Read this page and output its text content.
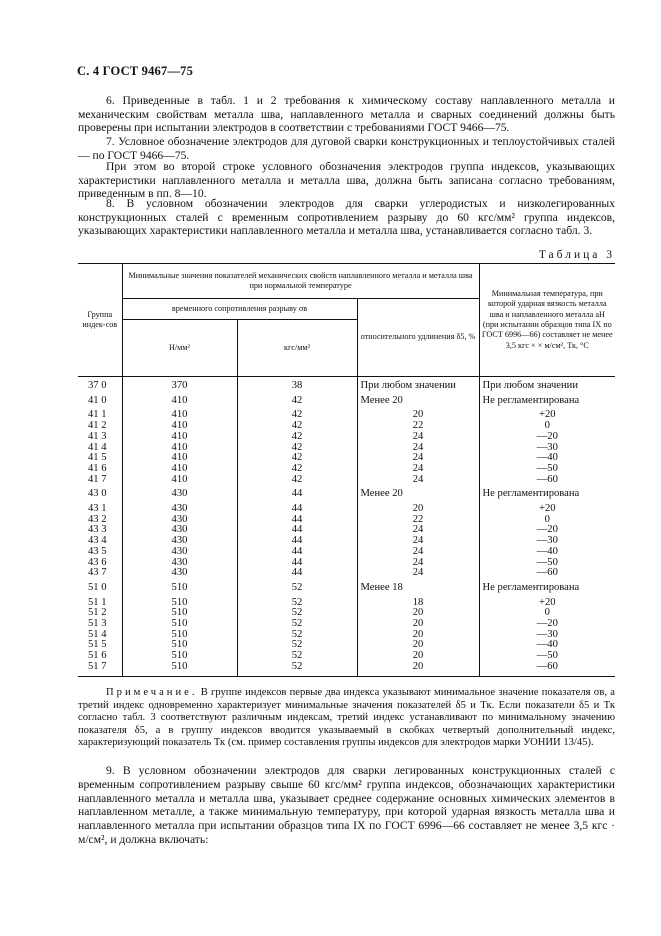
С. 4 ГОСТ 9467—75
6. Приведенные в табл. 1 и 2 требования к химическому составу наплавленного металла и механическим свойствам металла шва, наплавленного металла и сварных соединений должны быть проверены при испытании электродов в соответствии с требованиями ГОСТ 9466—75.
7. Условное обозначение электродов для дуговой сварки конструкционных и теплоустойчивых сталей — по ГОСТ 9466—75.
При этом во второй строке условного обозначения электродов группа индексов, указывающих характеристики наплавленного металла и металла шва, должна быть записана согласно требованиям, приведенным в пп. 8—10.
8. В условном обозначении электродов для сварки углеродистых и низколегированных конструкционных сталей с временным сопротивлением разрыву до 60 кгс/мм² группа индексов, указывающих характеристики наплавленного металла и металла шва, устанавливается согласно табл. 3.
Таблица 3
Группа индек-сов	Минимальные значения показателей механических свойств наплавленного металла и металла шва при нормальной температуре			Минимальная температура, при которой ударная вязкость металла шва и наплавленного металла aН (при испытании образцов типа IX по ГОСТ 6996—66) составляет не менее 3,5 кгс × × м/см², Тк, °С
	временного сопротивления разрыву σв		относительного удлинения δ5, %	
	Н/мм²	кгс/мм²		
37 0	370	38	При любом значении	При любом значении

41 0	410	42	Менее 20	Не регламентирована

41 1	410	42	20	+20
41 2	410	42	22	0
41 3	410	42	24	—20
41 4	410	42	24	—30
41 5	410	42	24	—40
41 6	410	42	24	—50
41 7	410	42	24	—60

43 0	430	44	Менее 20	Не регламентирована

43 1	430	44	20	+20
43 2	430	44	22	0
43 3	430	44	24	—20
43 4	430	44	24	—30
43 5	430	44	24	—40
43 6	430	44	24	—50
43 7	430	44	24	—60

51 0	510	52	Менее 18	Не регламентирована

51 1	510	52	18	+20
51 2	510	52	20	0
51 3	510	52	20	—20
51 4	510	52	20	—30
51 5	510	52	20	—40
51 6	510	52	20	—50
51 7	510	52	20	—60
Примечание. В группе индексов первые два индекса указывают минимальное значение показателя σв, а третий индекс одновременно характеризует минимальные значения показателей δ5 и Тк. Если показатели δ5 и Тк согласно табл. 3 соответствуют различным индексам, третий индекс устанавливают по минимальному значению показателя δ5, а в группу индексов вводится указываемый в скобках четвертый дополнительный индекс, характеризующий показатель Тк (см. пример составления группы индексов для электродов марки УОНИИ 13/45).
9. В условном обозначении электродов для сварки легированных конструкционных сталей с временным сопротивлением разрыву свыше 60 кгс/мм² группа индексов, обозначающих характеристики наплавленного металла и металла шва, указывает среднее содержание основных химических элементов в наплавленном металле, а также минимальную температуру, при которой ударная вязкость металла шва и наплавленного металла при испытании образцов типа IX по ГОСТ 6996—66 составляет не менее 3,5 кгс · м/см², и должна включать:
